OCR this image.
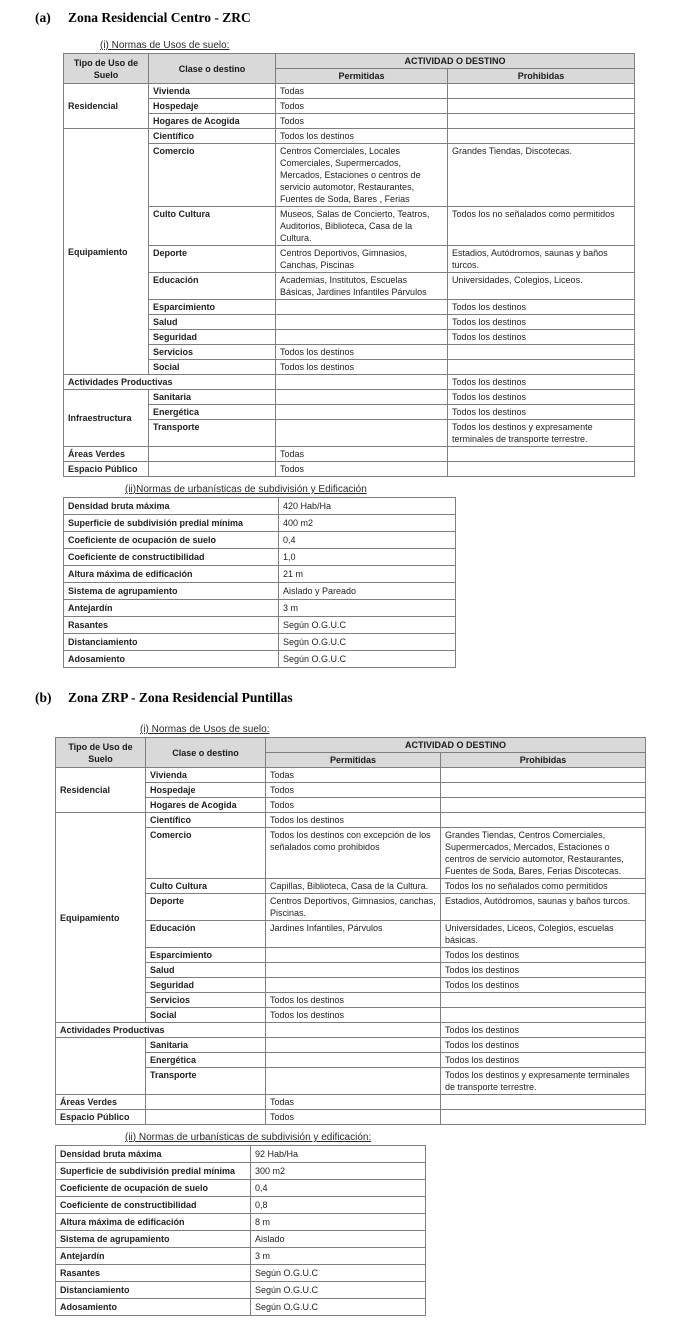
(a)	Zona Residencial Centro - ZRC
(i) Normas de Usos de suelo:
Tipo de Uso de Suelo	Clase o destino	ACTIVIDAD O DESTINO	
		Permitidas	Prohibidas
Residencial	Vivienda	Todas	
	Hospedaje	Todos	
	Hogares de Acogida	Todos	
Equipamiento	Científico	Todos los destinos	
	Comercio	Centros Comerciales, Locales Comerciales, Supermercados, Mercados, Estaciones o centros de servicio automotor, Restaurantes, Fuentes de Soda, Bares , Ferias	Grandes Tiendas, Discotecas.
	Culto Cultura	Museos, Salas de Concierto, Teatros, Auditorios, Biblioteca, Casa de la Cultura.	Todos los no señalados como permitidos
	Deporte	Centros Deportivos, Gimnasios, Canchas, Piscinas	Estadios, Autódromos, saunas y baños turcos.
	Educación	Academias, Institutos, Escuelas Básicas, Jardines Infantiles Párvulos	Universidades, Colegios, Liceos.
	Esparcimiento		Todos los destinos
	Salud		Todos los destinos
	Seguridad		Todos los destinos
	Servicios	Todos los destinos	
	Social	Todos los destinos	
Actividades Productivas			Todos los destinos
Infraestructura	Sanitaria		Todos los destinos
	Energética		Todos los destinos
	Transporte		Todos los destinos y expresamente terminales de transporte terrestre.
Áreas Verdes		Todas	
Espacio Público		Todos	
(ii)Normas de urbanísticas de subdivisión y Edificación
Densidad bruta máxima	420 Hab/Ha
Superficie de subdivisión predial mínima	400 m2
Coeficiente de ocupación de suelo	0,4
Coeficiente de constructibilidad	1,0
Altura máxima de edificación	21 m
Sistema de agrupamiento	Aislado y Pareado
Antejardín	3 m
Rasantes	Según O.G.U.C
Distanciamiento	Según O.G.U.C
Adosamiento	Según O.G.U.C
(b)	Zona ZRP - Zona Residencial Puntillas
(i) Normas de Usos de suelo:
Tipo de Uso de Suelo	Clase o destino	ACTIVIDAD O DESTINO	
		Permitidas	Prohibidas
Residencial	Vivienda	Todas	
	Hospedaje	Todos	
	Hogares de Acogida	Todos	
Equipamiento	Científico	Todos los destinos	
	Comercio	Todos los destinos con excepción de los señalados como prohibidos	Grandes Tiendas, Centros Comerciales, Supermercados, Mercados, Estaciones o centros de servicio automotor, Restaurantes, Fuentes de Soda, Bares, Ferias Discotecas.
	Culto Cultura	Capillas, Biblioteca, Casa de la Cultura.	Todos los no señalados como permitidos
	Deporte	Centros Deportivos, Gimnasios, canchas, Piscinas.	Estadios, Autódromos, saunas y baños turcos.
	Educación	Jardines Infantiles, Párvulos	Universidades, Liceos, Colegios, escuelas básicas.
	Esparcimiento		Todos los destinos
	Salud		Todos los destinos
	Seguridad		Todos los destinos
	Servicios	Todos los destinos	
	Social	Todos los destinos	
Actividades Productivas			Todos los destinos
	Sanitaria		Todos los destinos
	Energética		Todos los destinos
	Transporte		Todos los destinos y expresamente terminales de transporte terrestre.
Áreas Verdes		Todas	
Espacio Público		Todos	
(ii) Normas de urbanísticas de subdivisión y edificación:
Densidad bruta máxima	92 Hab/Ha
Superficie de subdivisión predial mínima	300 m2
Coeficiente de ocupación de suelo	0,4
Coeficiente de constructibilidad	0,8
Altura máxima de edificación	8 m
Sistema de agrupamiento	Aislado
Antejardín	3 m
Rasantes	Según O.G.U.C
Distanciamiento	Según O.G.U.C
Adosamiento	Según O.G.U.C
